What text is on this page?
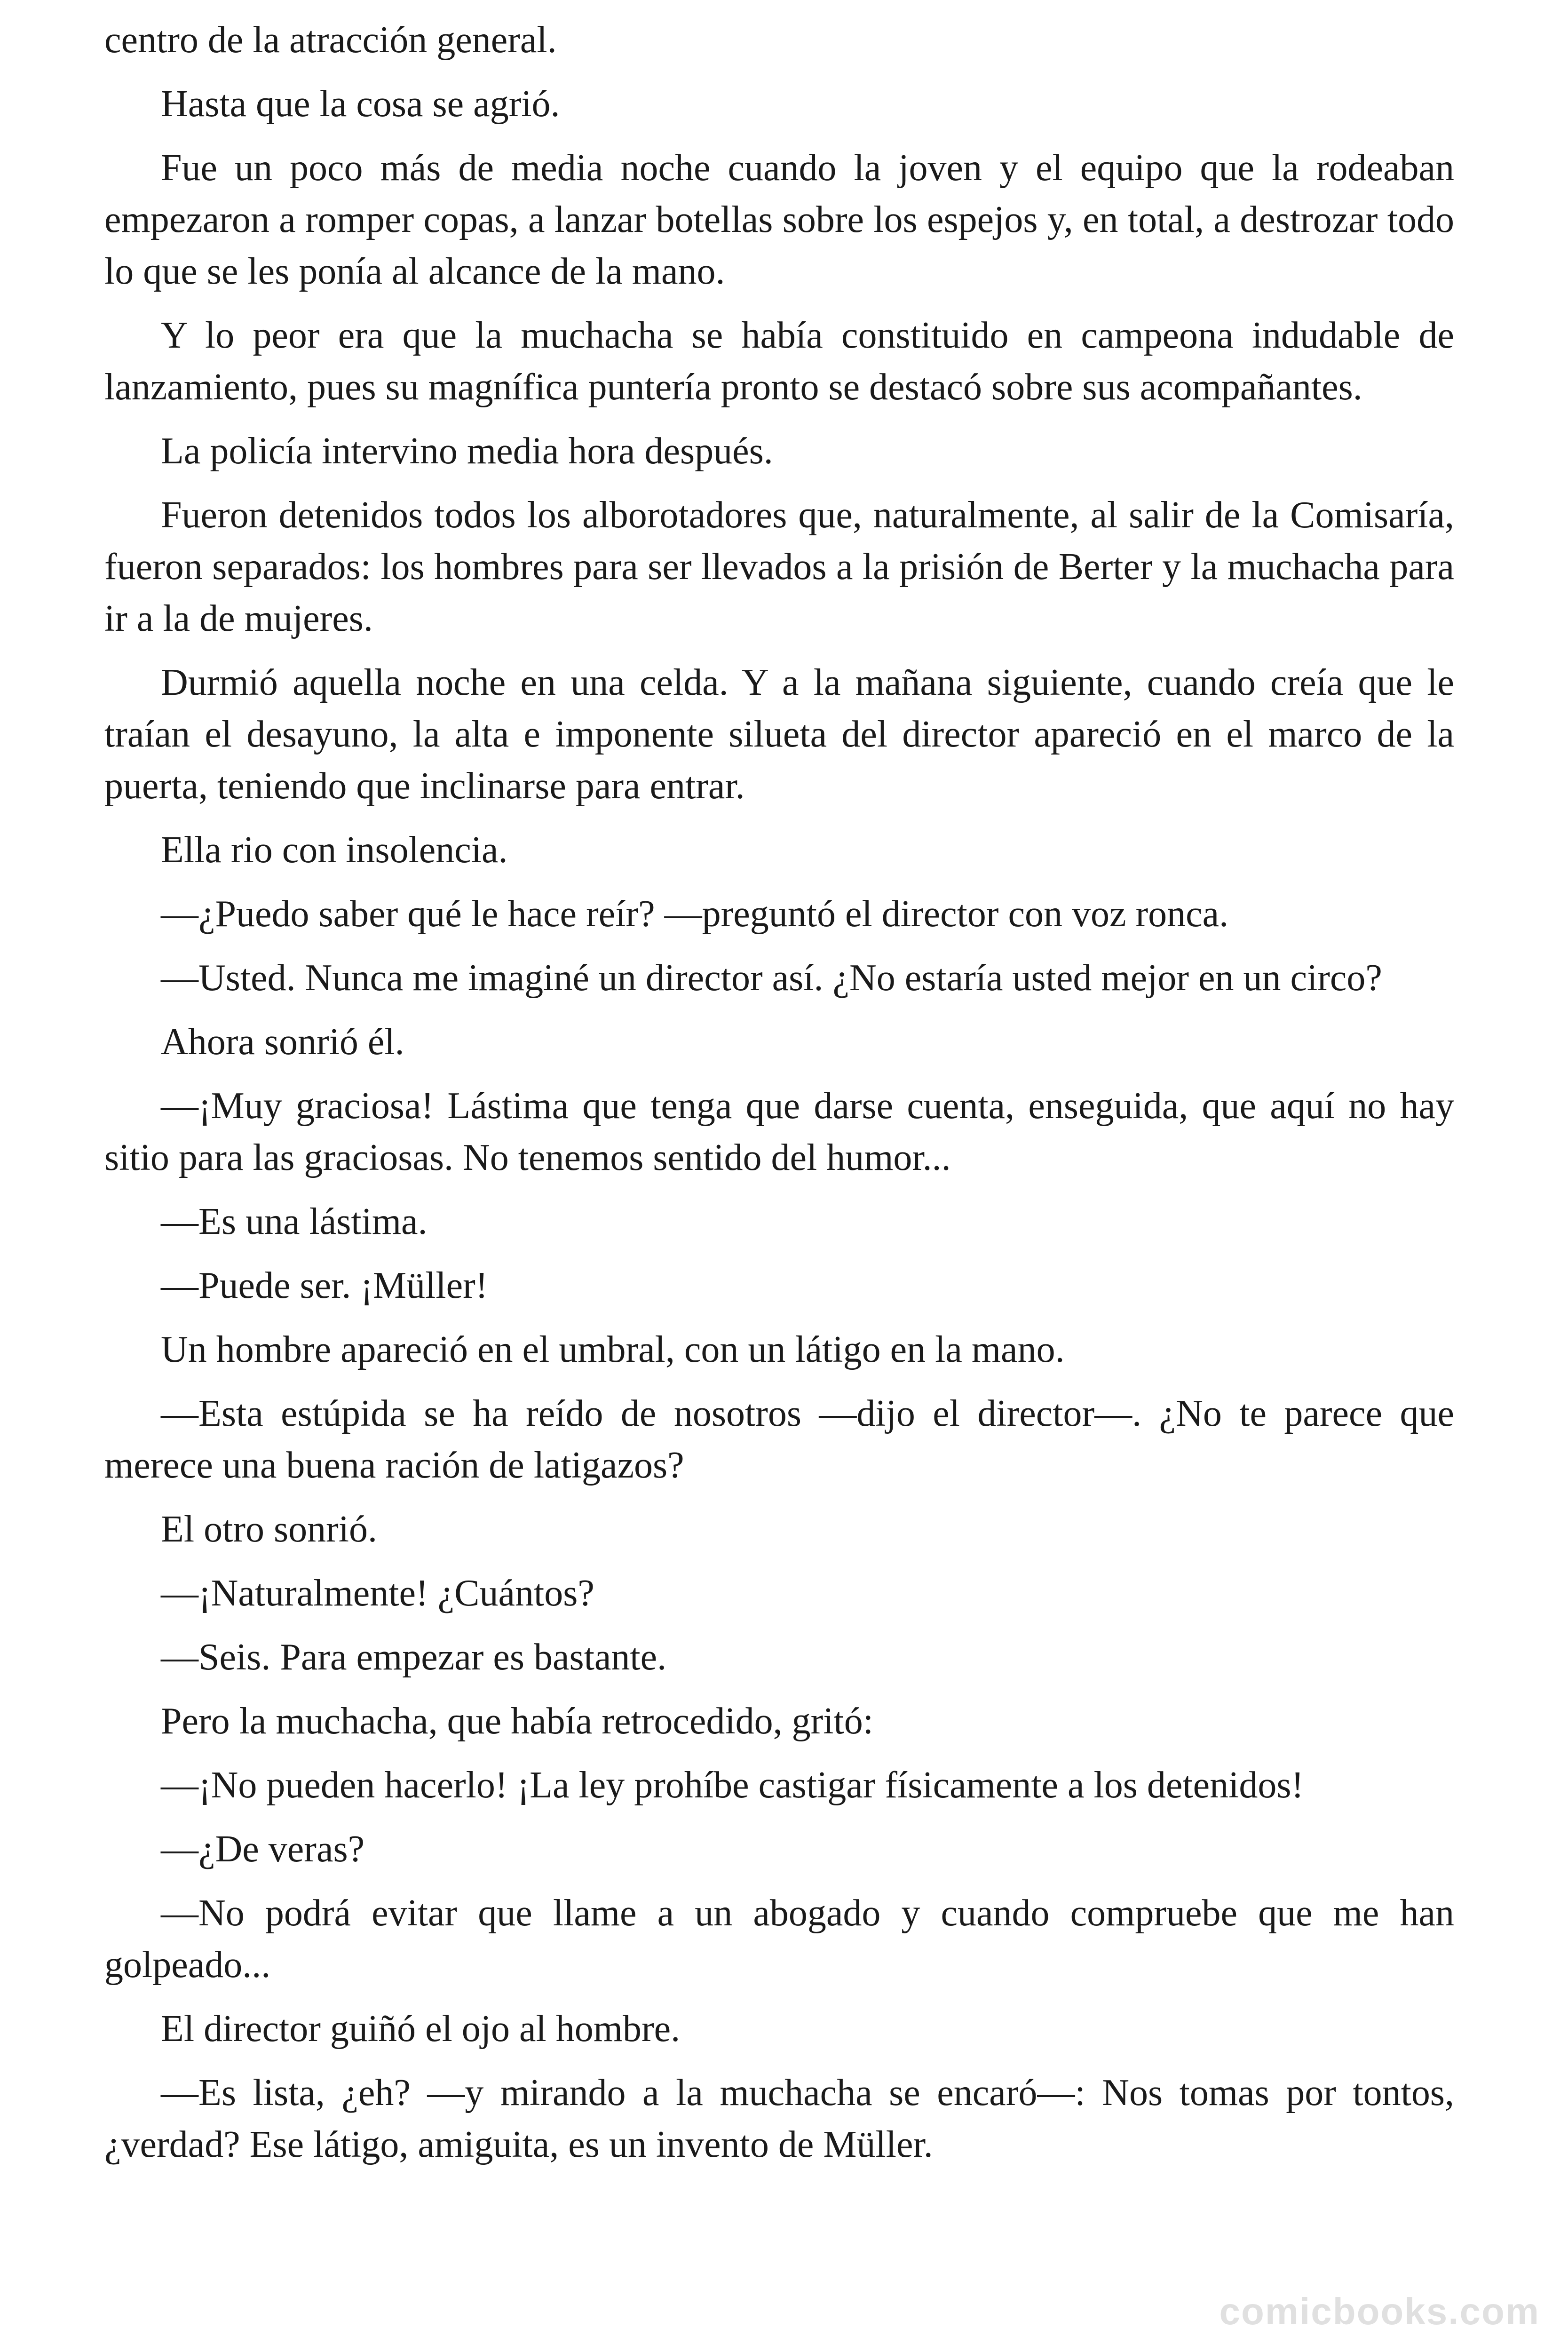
centro de la atracción general.

Hasta que la cosa se agrió.

Fue un poco más de media noche cuando la joven y el equipo que la rodeaban empezaron a romper copas, a lanzar botellas sobre los espejos y, en total, a destrozar todo lo que se les ponía al alcance de la mano.

Y lo peor era que la muchacha se había constituido en campeona indudable de lanzamiento, pues su magnífica puntería pronto se destacó sobre sus acompañantes.

La policía intervino media hora después.

Fueron detenidos todos los alborotadores que, naturalmente, al salir de la Comisaría, fueron separados: los hombres para ser llevados a la prisión de Berter y la muchacha para ir a la de mujeres.

Durmió aquella noche en una celda. Y a la mañana siguiente, cuando creía que le traían el desayuno, la alta e imponente silueta del director apareció en el marco de la puerta, teniendo que inclinarse para entrar.

Ella rio con insolencia.

—¿Puedo saber qué le hace reír? —preguntó el director con voz ronca.

—Usted. Nunca me imaginé un director así. ¿No estaría usted mejor en un circo?

Ahora sonrió él.

—¡Muy graciosa! Lástima que tenga que darse cuenta, enseguida, que aquí no hay sitio para las graciosas. No tenemos sentido del humor...

—Es una lástima.

—Puede ser. ¡Müller!

Un hombre apareció en el umbral, con un látigo en la mano.

—Esta estúpida se ha reído de nosotros —dijo el director—. ¿No te parece que merece una buena ración de latigazos?

El otro sonrió.

—¡Naturalmente! ¿Cuántos?

—Seis. Para empezar es bastante.

Pero la muchacha, que había retrocedido, gritó:

—¡No pueden hacerlo! ¡La ley prohíbe castigar físicamente a los detenidos!

—¿De veras?

—No podrá evitar que llame a un abogado y cuando compruebe que me han golpeado...

El director guiñó el ojo al hombre.

—Es lista, ¿eh? —y mirando a la muchacha se encaró—: Nos tomas por tontos, ¿verdad? Ese látigo, amiguita, es un invento de Müller.

comicbooks.com
